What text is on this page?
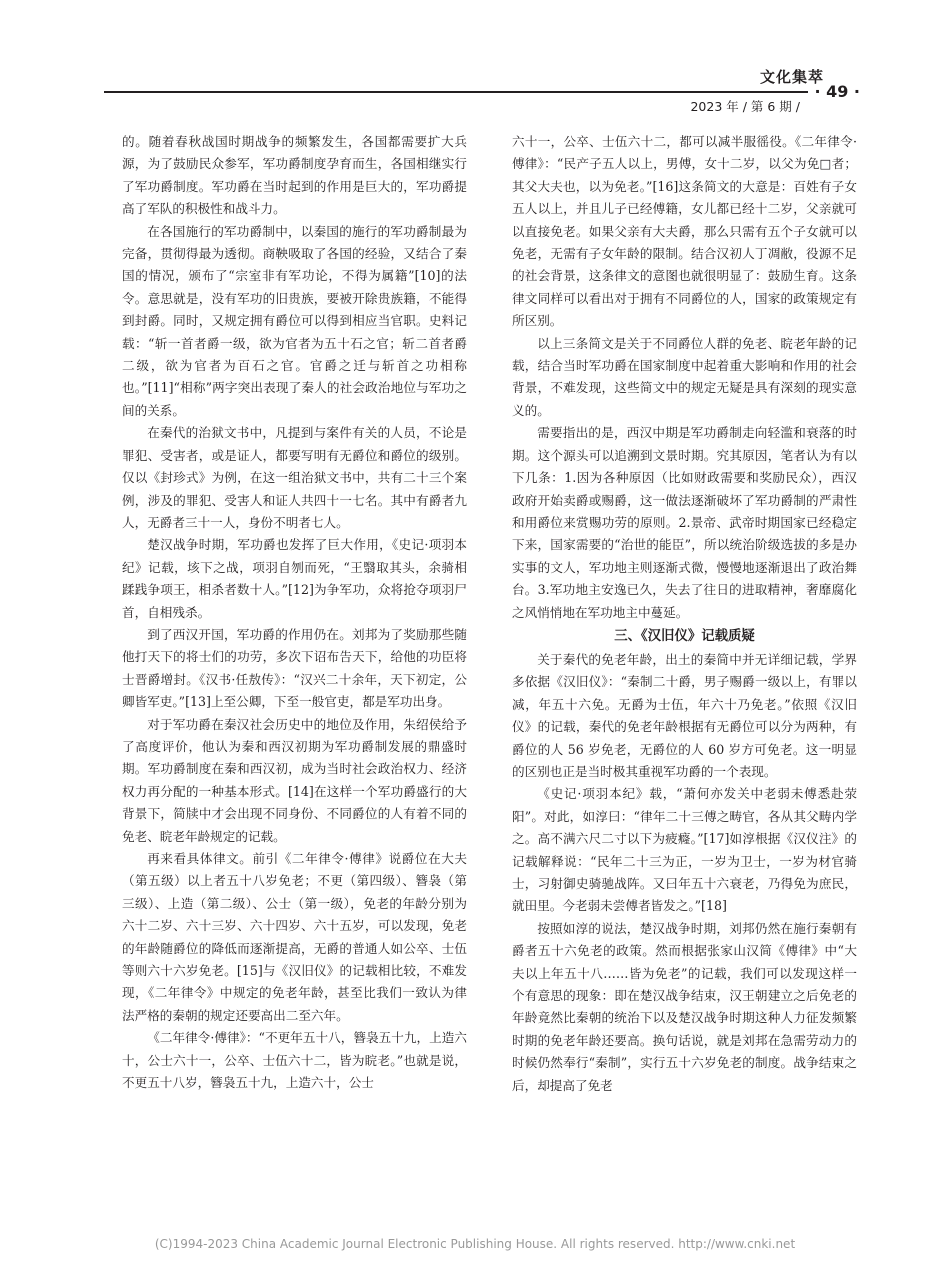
文化集萃
· 49 ·
2023 年 / 第 6 期 /

的。随着春秋战国时期战争的频繁发生，各国都需要扩大兵源，为了鼓励民众参军，军功爵制度孕育而生，各国相继实行了军功爵制度。军功爵在当时起到的作用是巨大的，军功爵提高了军队的积极性和战斗力。

在各国施行的军功爵制中，以秦国的施行的军功爵制最为完备，贯彻得最为透彻。商鞅吸取了各国的经验，又结合了秦国的情况，颁布了“宗室非有军功论，不得为属籍”[10]的法令。意思就是，没有军功的旧贵族，要被开除贵族籍，不能得到封爵。同时，又规定拥有爵位可以得到相应当官职。史料记载：“斩一首者爵一级，欲为官者为五十石之官；斩二首者爵二级，欲为官者为百石之官。官爵之迁与斩首之功相称也。”[11]“相称”两字突出表现了秦人的社会政治地位与军功之间的关系。

在秦代的治狱文书中，凡提到与案件有关的人员，不论是罪犯、受害者，或是证人，都要写明有无爵位和爵位的级别。仅以《封珍式》为例，在这一组治狱文书中，共有二十三个案例，涉及的罪犯、受害人和证人共四十一七名。其中有爵者九人，无爵者三十一人，身份不明者七人。

楚汉战争时期，军功爵也发挥了巨大作用，《史记·项羽本纪》记载，垓下之战，项羽自刎而死，“王翳取其头，余骑相蹂践争项王，相杀者数十人。”[12]为争军功，众将抢夺项羽尸首，自相残杀。

到了西汉开国，军功爵的作用仍在。刘邦为了奖励那些随他打天下的将士们的功劳，多次下诏布告天下，给他的功臣将士晋爵增封。《汉书·任敖传》：“汉兴二十余年，天下初定，公卿皆军吏。”[13]上至公卿，下至一般官吏，都是军功出身。

对于军功爵在秦汉社会历史中的地位及作用，朱绍侯给予了高度评价，他认为秦和西汉初期为军功爵制发展的鼎盛时期。军功爵制度在秦和西汉初，成为当时社会政治权力、经济权力再分配的一种基本形式。[14]在这样一个军功爵盛行的大背景下，简牍中才会出现不同身份、不同爵位的人有着不同的免老、睆老年龄规定的记载。

再来看具体律文。前引《二年律令·傅律》说爵位在大夫（第五级）以上者五十八岁免老；不更（第四级）、簪袅（第三级）、上造（第二级）、公士（第一级），免老的年龄分别为六十二岁、六十三岁、六十四岁、六十五岁，可以发现，免老的年龄随爵位的降低而逐渐提高，无爵的普通人如公卒、士伍等则六十六岁免老。[15]与《汉旧仪》的记载相比较，不难发现，《二年律令》中规定的免老年龄，甚至比我们一致认为律法严格的秦朝的规定还要高出二至六年。

《二年律令·傅律》：“不更年五十八，簪袅五十九，上造六十，公士六十一，公卒、士伍六十二，皆为睆老。”也就是说，不更五十八岁，簪袅五十九，上造六十，公士

六十一，公卒、士伍六十二，都可以减半服徭役。《二年律令·傅律》：“民产子五人以上，男傅，女十二岁，以父为免□者；其父大夫也，以为免老。”[16]这条简文的大意是：百姓有子女五人以上，并且儿子已经傅籍，女儿都已经十二岁，父亲就可以直接免老。如果父亲有大夫爵，那么只需有五个子女就可以免老，无需有子女年龄的限制。结合汉初人丁凋敝，役源不足的社会背景，这条律文的意图也就很明显了：鼓励生育。这条律文同样可以看出对于拥有不同爵位的人，国家的政策规定有所区别。

以上三条简文是关于不同爵位人群的免老、睆老年龄的记载，结合当时军功爵在国家制度中起着重大影响和作用的社会背景，不难发现，这些简文中的规定无疑是具有深刻的现实意义的。

需要指出的是，西汉中期是军功爵制走向轻滥和衰落的时期。这个源头可以追溯到文景时期。究其原因，笔者认为有以下几条：1.因为各种原因（比如财政需要和奖励民众），西汉政府开始卖爵或赐爵，这一做法逐渐破坏了军功爵制的严肃性和用爵位来赏赐功劳的原则。2.景帝、武帝时期国家已经稳定下来，国家需要的“治世的能臣”，所以统治阶级选拔的多是办实事的文人，军功地主则逐渐式微，慢慢地逐渐退出了政治舞台。3.军功地主安逸已久，失去了往日的进取精神，奢靡腐化之风悄悄地在军功地主中蔓延。

三、《汉旧仪》记载质疑

关于秦代的免老年龄，出土的秦简中并无详细记载，学界多依据《汉旧仪》：“秦制二十爵，男子赐爵一级以上，有罪以减，年五十六免。无爵为士伍，年六十乃免老。”依照《汉旧仪》的记载，秦代的免老年龄根据有无爵位可以分为两种，有爵位的人 56 岁免老，无爵位的人 60 岁方可免老。这一明显的区别也正是当时极其重视军功爵的一个表现。

《史记·项羽本纪》载，“萧何亦发关中老弱未傅悉赴荥阳”。对此，如淳曰：“律年二十三傅之畴官，各从其父畴内学之。高不满六尺二寸以下为疲癃。”[17]如淳根据《汉仪注》的记载解释说：“民年二十三为正，一岁为卫士，一岁为材官骑士，习射御史骑驰战阵。又曰年五十六衰老，乃得免为庶民，就田里。今老弱未尝傅者皆发之。”[18]

按照如淳的说法，楚汉战争时期，刘邦仍然在施行秦朝有爵者五十六免老的政策。然而根据张家山汉简《傅律》中“大夫以上年五十八……皆为免老”的记载，我们可以发现这样一个有意思的现象：即在楚汉战争结束，汉王朝建立之后免老的年龄竟然比秦朝的统治下以及楚汉战争时期这种人力征发频繁时期的免老年龄还要高。换句话说，就是刘邦在急需劳动力的时候仍然奉行“秦制”，实行五十六岁免老的制度。战争结束之后，却提高了免老

(C)1994-2023 China Academic Journal Electronic Publishing House. All rights reserved. http://www.cnki.net
